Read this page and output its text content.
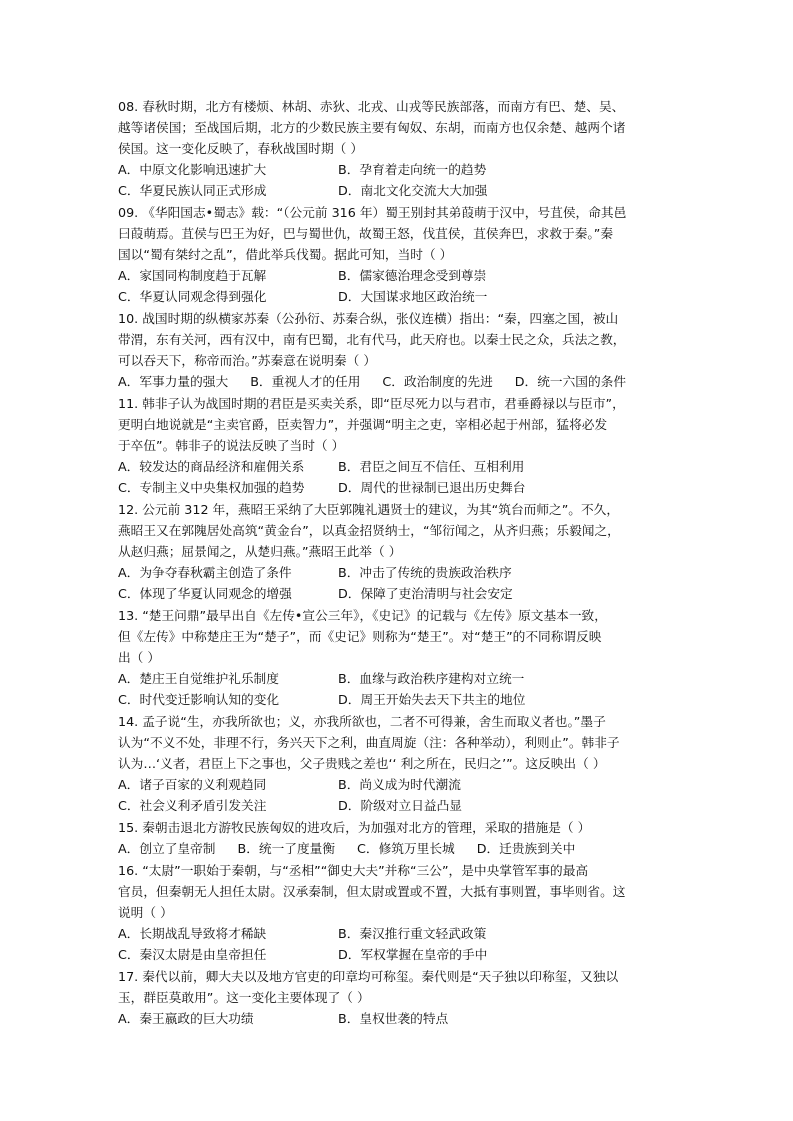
08. 春秋时期，北方有楼烦、林胡、赤狄、北戎、山戎等民族部落，而南方有巴、楚、吴、
越等诸侯国；至战国后期，北方的少数民族主要有匈奴、东胡，而南方也仅余楚、越两个诸
侯国。这一变化反映了，春秋战国时期（ ）
A．中原文化影响迅速扩大	B．孕育着走向统一的趋势
C．华夏民族认同正式形成	D．南北文化交流大大加强
09. 《华阳国志•蜀志》载：“（公元前 316 年）蜀王别封其弟葭萌于汉中，号苴侯，命其邑
曰葭萌焉。苴侯与巴王为好，巴与蜀世仇，故蜀王怒，伐苴侯，苴侯奔巴，求救于秦。”秦
国以“蜀有桀纣之乱”，借此举兵伐蜀。据此可知，当时（ ）
A．家国同构制度趋于瓦解	B．儒家德治理念受到尊崇
C．华夏认同观念得到强化	D．大国谋求地区政治统一
10. 战国时期的纵横家苏秦（公孙衍、苏秦合纵，张仪连横）指出：“秦，四塞之国，被山
带渭，东有关河，西有汉中，南有巴蜀，北有代马，此天府也。以秦士民之众，兵法之教，
可以吞天下，称帝而治。”苏秦意在说明秦（ ）
A．军事力量的强大 B．重视人才的任用 C．政治制度的先进 D．统一六国的条件
11. 韩非子认为战国时期的君臣是买卖关系，即“臣尽死力以与君市，君垂爵禄以与臣市”，
更明白地说就是“主卖官爵，臣卖智力”，并强调“明主之吏，宰相必起于州部，猛将必发
于卒伍”。韩非子的说法反映了当时（ ）
A．较发达的商品经济和雇佣关系	B．君臣之间互不信任、互相利用
C．专制主义中央集权加强的趋势	D．周代的世禄制已退出历史舞台
12. 公元前 312 年，燕昭王采纳了大臣郭隗礼遇贤士的建议，为其“筑台而师之”。不久，
燕昭王又在郭隗居处高筑“黄金台”，以真金招贤纳士，“邹衍闻之，从齐归燕；乐毅闻之，
从赵归燕；屈景闻之，从楚归燕。”燕昭王此举（ ）
A．为争夺春秋霸主创造了条件	B．冲击了传统的贵族政治秩序
C．体现了华夏认同观念的增强	D．保障了吏治清明与社会安定
13. “楚王问鼎”最早出自《左传•宣公三年》，《史记》的记载与《左传》原文基本一致，
但《左传》中称楚庄王为“楚子”，而《史记》则称为“楚王”。对“楚王”的不同称谓反映
出（ ）
A．楚庄王自觉维护礼乐制度	B．血缘与政治秩序建构对立统一
C．时代变迁影响认知的变化	D．周王开始失去天下共主的地位
14. 孟子说“生，亦我所欲也；义，亦我所欲也，二者不可得兼，舍生而取义者也。”墨子
认为“不义不处，非理不行，务兴天下之利，曲直周旋（注：各种举动），利则止”。韩非子
认为…‘义者，君臣上下之事也，父子贵贱之差也‘‘ 利之所在，民归之’”。这反映出（ ）
A．诸子百家的义利观趋同	B．尚义成为时代潮流
C．社会义利矛盾引发关注	D．阶级对立日益凸显
15. 秦朝击退北方游牧民族匈奴的进攻后，为加强对北方的管理，采取的措施是（ ）
A．创立了皇帝制 B．统一了度量衡 C．修筑万里长城 D．迁贵族到关中
16. “太尉”一职始于秦朝，与“丞相”“御史大夫”并称“三公”，是中央掌管军事的最高
官员，但秦朝无人担任太尉。汉承秦制，但太尉或置或不置，大抵有事则置，事毕则省。这
说明（ ）
A．长期战乱导致将才稀缺	B．秦汉推行重文轻武政策
C．秦汉太尉是由皇帝担任	D．军权掌握在皇帝的手中
17. 秦代以前，卿大夫以及地方官吏的印章均可称玺。秦代则是“天子独以印称玺，又独以
玉，群臣莫敢用”。这一变化主要体现了（ ）
A．秦王嬴政的巨大功绩	B．皇权世袭的特点
